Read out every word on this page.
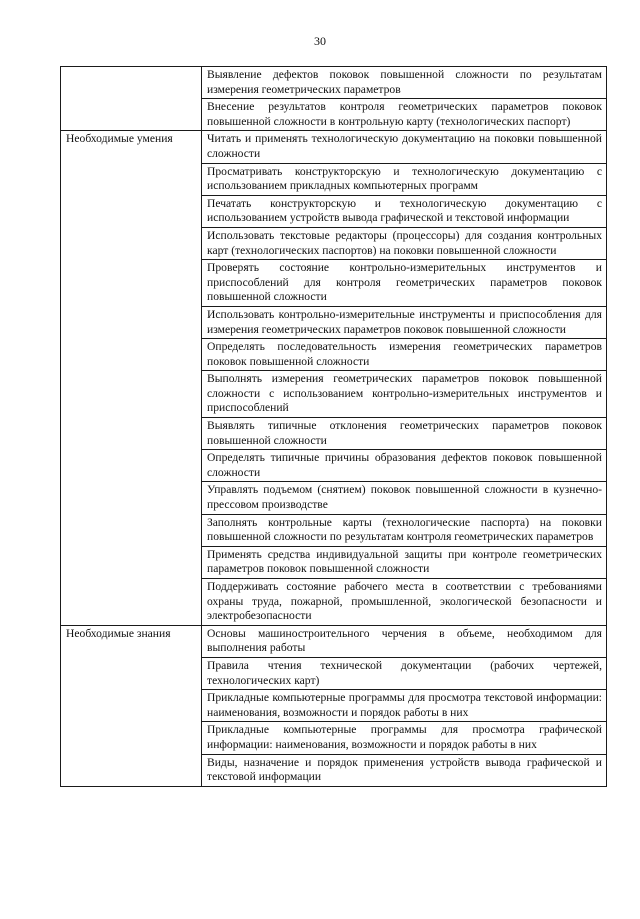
30
	Выявление дефектов поковок повышенной сложности по результатам измерения геометрических параметров
	Внесение результатов контроля геометрических параметров поковок повышенной сложности в контрольную карту (технологических паспорт)
Необходимые умения	Читать и применять технологическую документацию на поковки повышенной сложности
	Просматривать конструкторскую и технологическую документацию с использованием прикладных компьютерных программ
	Печатать конструкторскую и технологическую документацию с использованием устройств вывода графической и текстовой информации
	Использовать текстовые редакторы (процессоры) для создания контрольных карт (технологических паспортов) на поковки повышенной сложности
	Проверять состояние контрольно-измерительных инструментов и приспособлений для контроля геометрических параметров поковок повышенной сложности
	Использовать контрольно-измерительные инструменты и приспособления для измерения геометрических параметров поковок повышенной сложности
	Определять последовательность измерения геометрических параметров поковок повышенной сложности
	Выполнять измерения геометрических параметров поковок повышенной сложности с использованием контрольно-измерительных инструментов и приспособлений
	Выявлять типичные отклонения геометрических параметров поковок повышенной сложности
	Определять типичные причины образования дефектов поковок повышенной сложности
	Управлять подъемом (снятием) поковок повышенной сложности в кузнечно-прессовом производстве
	Заполнять контрольные карты (технологические паспорта) на поковки повышенной сложности по результатам контроля геометрических параметров
	Применять средства индивидуальной защиты при контроле геометрических параметров поковок повышенной сложности
	Поддерживать состояние рабочего места в соответствии с требованиями охраны труда, пожарной, промышленной, экологической безопасности и электробезопасности
Необходимые знания	Основы машиностроительного черчения в объеме, необходимом для выполнения работы
	Правила чтения технической документации (рабочих чертежей, технологических карт)
	Прикладные компьютерные программы для просмотра текстовой информации: наименования, возможности и порядок работы в них
	Прикладные компьютерные программы для просмотра графической информации: наименования, возможности и порядок работы в них
	Виды, назначение и порядок применения устройств вывода графической и текстовой информации
